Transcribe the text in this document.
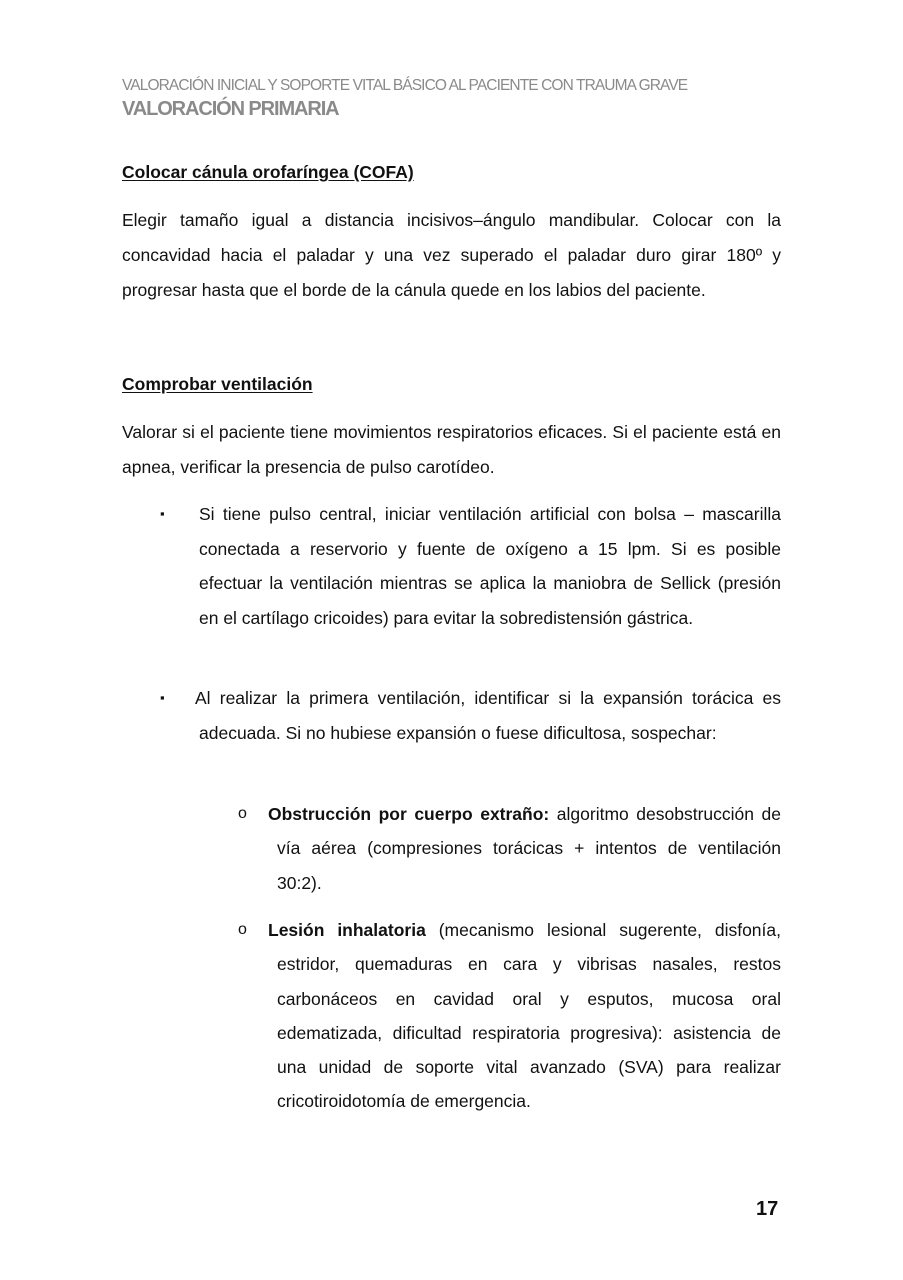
VALORACIÓN INICIAL Y SOPORTE VITAL BÁSICO AL PACIENTE CON TRAUMA GRAVE
VALORACIÓN PRIMARIA
Colocar cánula orofaríngea (COFA)
Elegir tamaño igual a distancia incisivos–ángulo mandibular. Colocar con la concavidad hacia el paladar y una vez superado el paladar duro girar 180º y progresar hasta que el borde de la cánula quede en los labios del paciente.
Comprobar ventilación
Valorar si el paciente tiene movimientos respiratorios eficaces. Si el paciente está en apnea, verificar la presencia de pulso carotídeo.
▪ Si tiene pulso central, iniciar ventilación artificial con bolsa – mascarilla conectada a reservorio y fuente de oxígeno a 15 lpm. Si es posible efectuar la ventilación mientras se aplica la maniobra de Sellick (presión en el cartílago cricoides) para evitar la sobredistensión gástrica.
▪ Al realizar la primera ventilación, identificar si la expansión torácica es adecuada. Si no hubiese expansión o fuese dificultosa, sospechar:
o Obstrucción por cuerpo extraño: algoritmo desobstrucción de vía aérea (compresiones torácicas + intentos de ventilación 30:2).
o Lesión inhalatoria (mecanismo lesional sugerente, disfonía, estridor, quemaduras en cara y vibrisas nasales, restos carbonáceos en cavidad oral y esputos, mucosa oral edematizada, dificultad respiratoria progresiva): asistencia de una unidad de soporte vital avanzado (SVA) para realizar cricotiroidotomía de emergencia.
17
